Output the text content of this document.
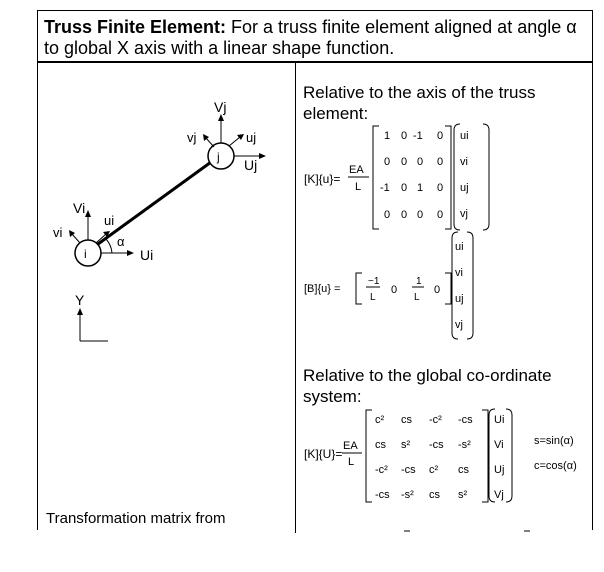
Truss Finite Element: For a truss finite element aligned at angle α to global X axis with a linear shape function.
j
i
Vj
vj	uj
Uj
Vi
vi
ui
α
Ui
Y
Transformation matrix from
Relative to the axis of the truss element:
[K]{u}=
EA
L
1 0 -1 0
0 0 0 0
-1 0 1 0
0 0 0 0
ui
vi
uj
vj
[B]{u} =
−1
L
0
1
L
0
ui
vi
uj
vj
[K]{U}=
EA
L
c² cs -c² -cs
cs s² -cs -s²
-c² -cs c² cs
-cs -s² cs s²
Ui
Vi
Uj
Vj
s=sin(α)
c=cos(α)
Relative to the global co-ordinate system:
